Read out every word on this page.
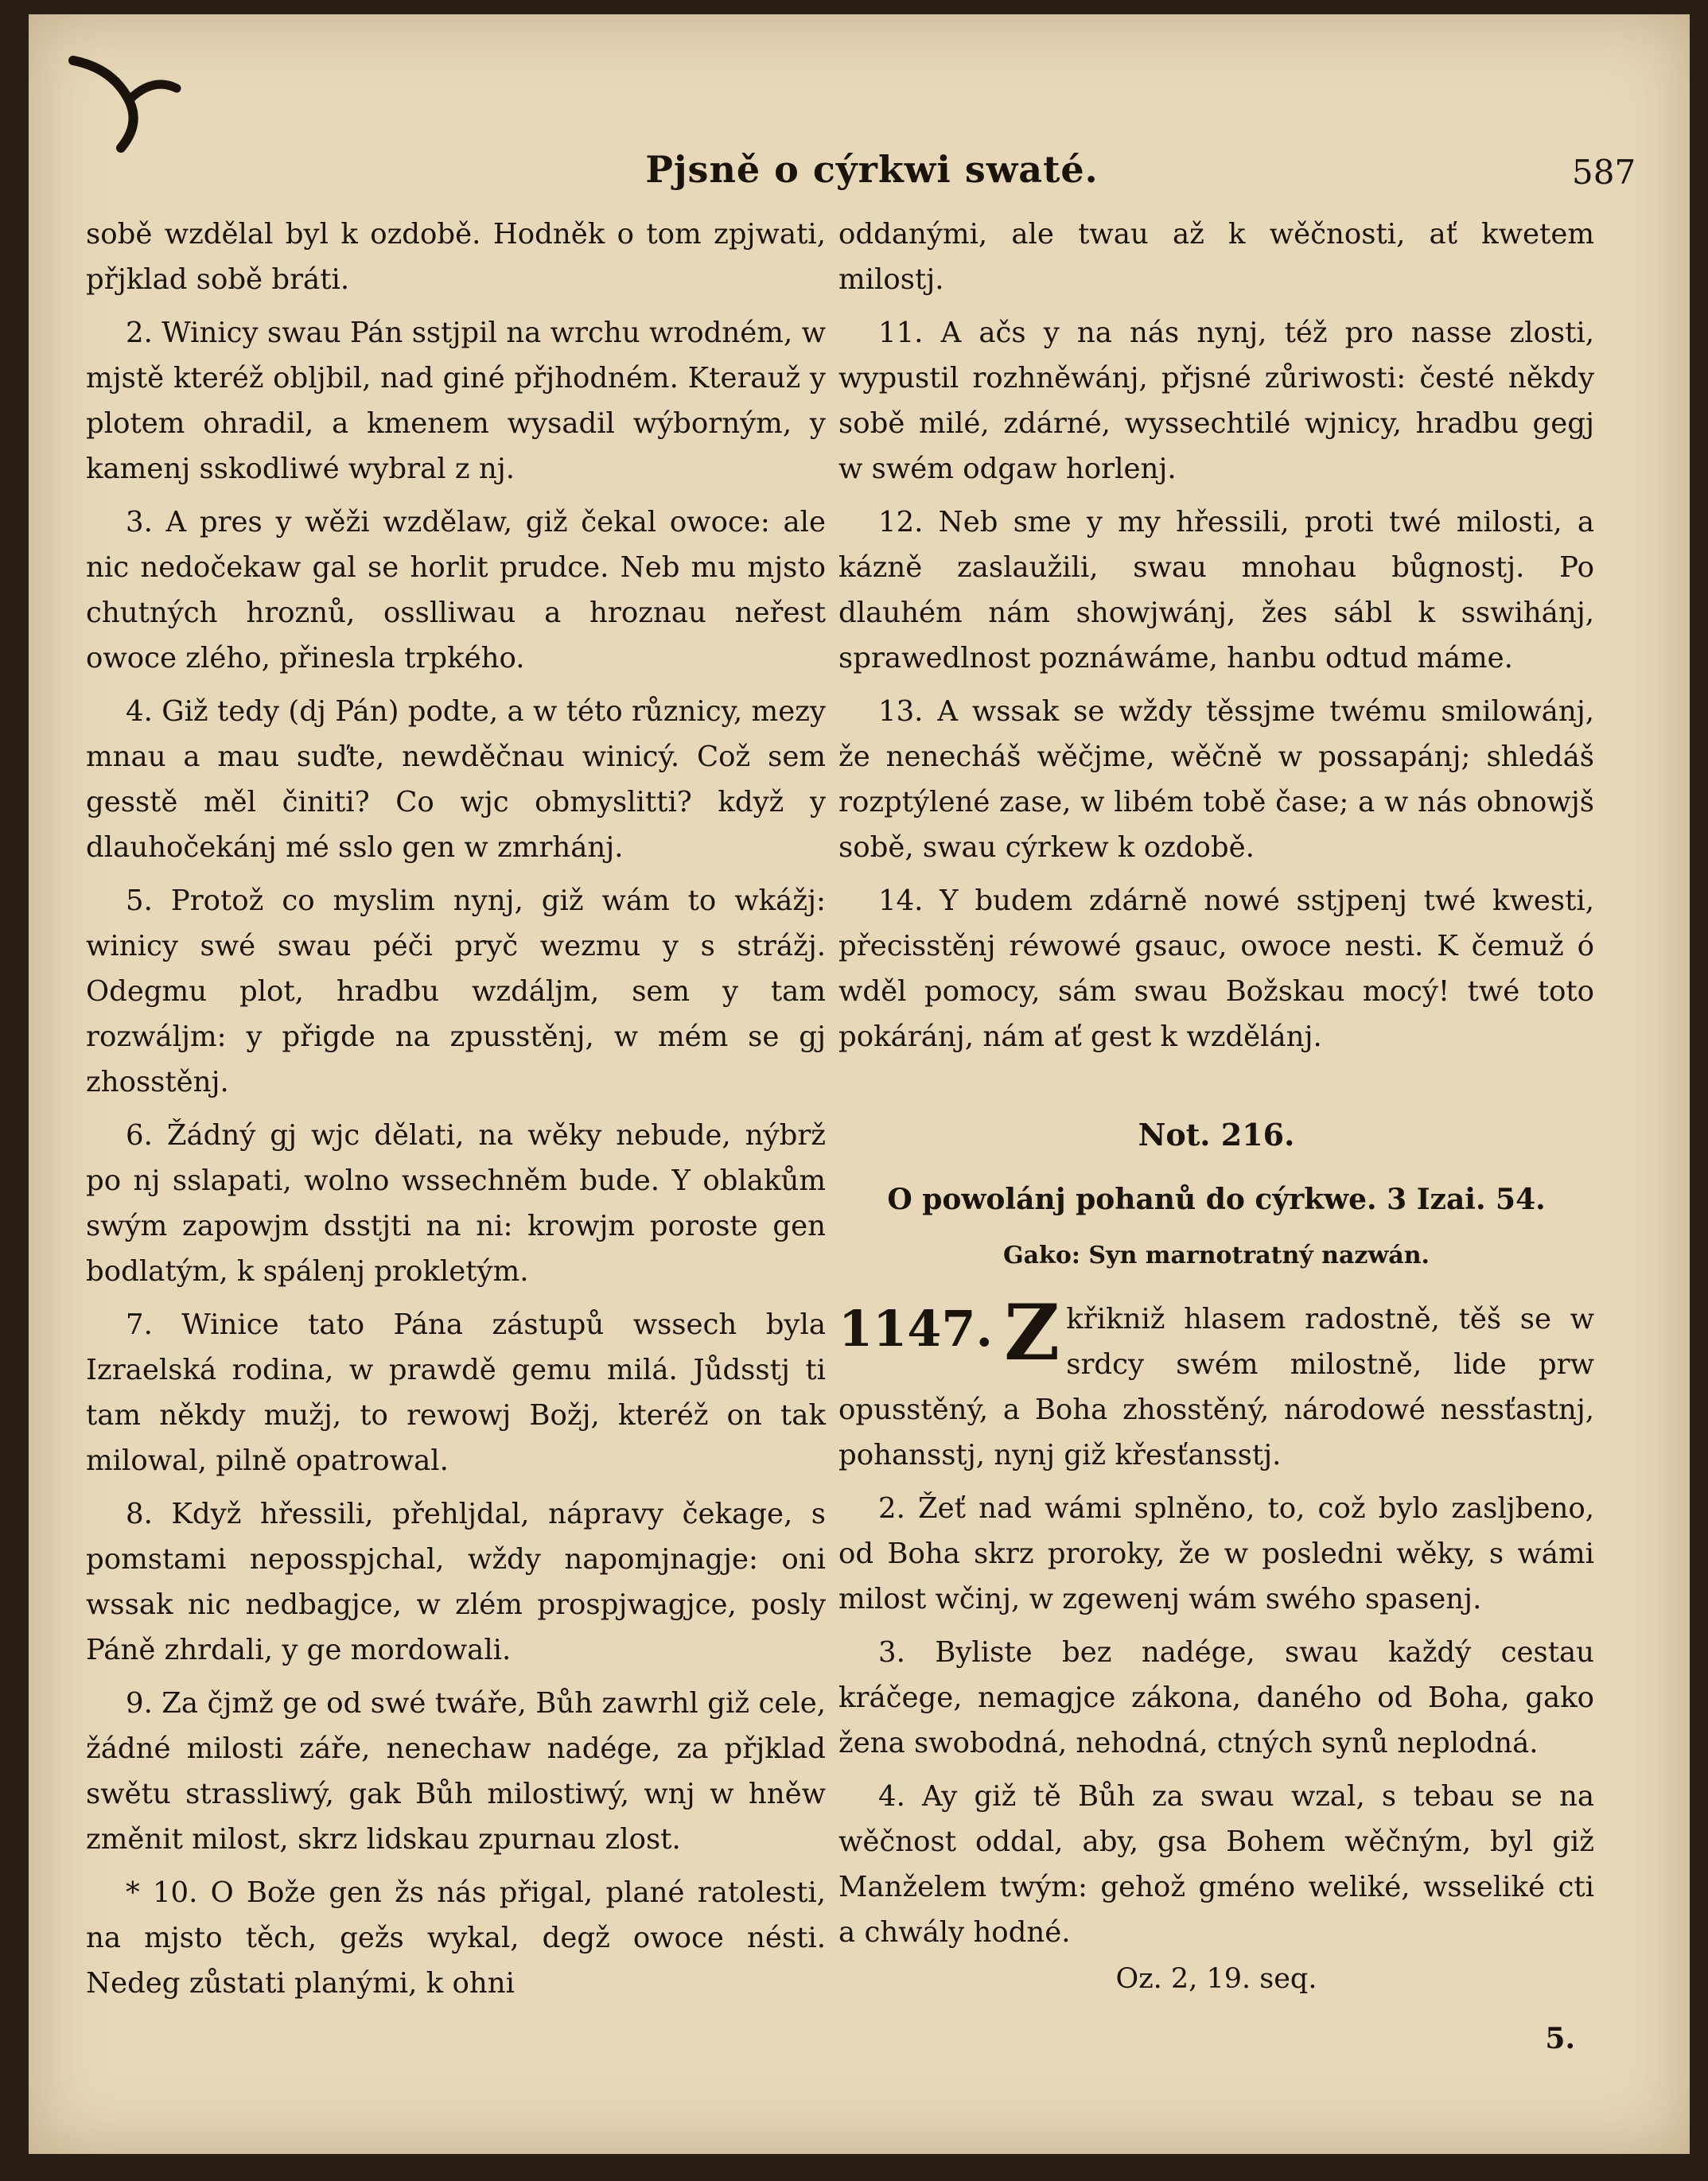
Pjsně o cýrkwi swaté.	587

sobě wzdělal byl k ozdobě. Hodněk o tom zpjwati, přjklad sobě bráti.

2. Winicy swau Pán sstjpil na wrchu wrodném, w mjstě kteréž obljbil, nad giné přjhodném. Kterauž y plotem ohradil, a kmenem wysadil wýborným, y kamenj sskodliwé wybral z nj.

3. A pres y wěži wzdělaw, giž čekal owoce: ale nic nedočekaw gal se horlit prudce. Neb mu mjsto chutných hroznů, osslliwau a hroznau neřest owoce zlého, přinesla trpkého.

4. Giž tedy (dj Pán) podte, a w této různicy, mezy mnau a mau suďte, newděčnau winicý. Což sem gesstě měl činiti? Co wjc obmyslitti? když y dlauhočekánj mé sslo gen w zmrhánj.

5. Protož co myslim nynj, giž wám to wkážj: winicy swé swau péči pryč wezmu y s strážj. Odegmu plot, hradbu wzdáljm, sem y tam rozwáljm: y přigde na zpusstěnj, w mém se gj zhosstěnj.

6. Žádný gj wjc dělati, na wěky nebude, nýbrž po nj sslapati, wolno wssechněm bude. Y oblakům swým zapowjm dsstjti na ni: krowjm poroste gen bodlatým, k spálenj prokletým.

7. Winice tato Pána zástupů wssech byla Izraelská rodina, w prawdě gemu milá. Jůdsstj ti tam někdy mužj, to rewowj Božj, kteréž on tak milowal, pilně opatrowal.

8. Když hřessili, přehljdal, nápravy čekage, s pomstami neposspjchal, wždy napomjnagje: oni wssak nic nedbagjce, w zlém prospjwagjce, posly Páně zhrdali, y ge mordowali.

9. Za čjmž ge od swé twáře, Bůh zawrhl giž cele, žádné milosti záře, nenechaw nadége, za přjklad swětu strassliwý, gak Bůh milostiwý, wnj w hněw změnit milost, skrz lidskau zpurnau zlost.

* 10. O Bože gen žs nás přigal, plané ratolesti, na mjsto těch, gežs wykal, degž owoce nésti. Nedeg zůstati planými, k ohni

oddanými, ale twau až k wěčnosti, ať kwetem milostj.

11. A ačs y na nás nynj, též pro nasse zlosti, wypustil rozhněwánj, přjsné zůriwosti: česté někdy sobě milé, zdárné, wyssechtilé wjnicy, hradbu gegj w swém odgaw horlenj.

12. Neb sme y my hřessili, proti twé milosti, a kázně zaslaužili, swau mnohau bůgnostj. Po dlauhém nám showjwánj, žes sábl k sswihánj, sprawedlnost poznáwáme, hanbu odtud máme.

13. A wssak se wždy těssjme twému smilowánj, že nenecháš wěčjme, wěčně w possapánj; shledáš rozptýlené zase, w libém tobě čase; a w nás obnowjš sobě, swau cýrkew k ozdobě.

14. Y budem zdárně nowé sstjpenj twé kwesti, přecisstěnj réwowé gsauc, owoce nesti. K čemuž ó wděl pomocy, sám swau Božskau mocý! twé toto pokáránj, nám ať gest k wzdělánj.

Not. 216.
O powolánj pohanů do cýrkwe. 3 Izai. 54.
Gako: Syn marnotratný nazwán.

1147. Z křikniž hlasem radostně, těš se w srdcy swém milostně, lide prw opusstěný, a Boha zhosstěný, národowé nessťastnj, pohansstj, nynj giž křesťansstj.

2. Žeť nad wámi splněno, to, což bylo zasljbeno, od Boha skrz proroky, že w posledni wěky, s wámi milost wčinj, w zgewenj wám swého spasenj.

3. Byliste bez nadége, swau každý cestau kráčege, nemagjce zákona, daného od Boha, gako žena swobodná, nehodná, ctných synů neplodná.

4. Ay giž tě Bůh za swau wzal, s tebau se na wěčnost oddal, aby, gsa Bohem wěčným, byl giž Manželem twým: gehož gméno weliké, wsseliké cti a chwály hodné.

Oz. 2, 19. seq.
5.
